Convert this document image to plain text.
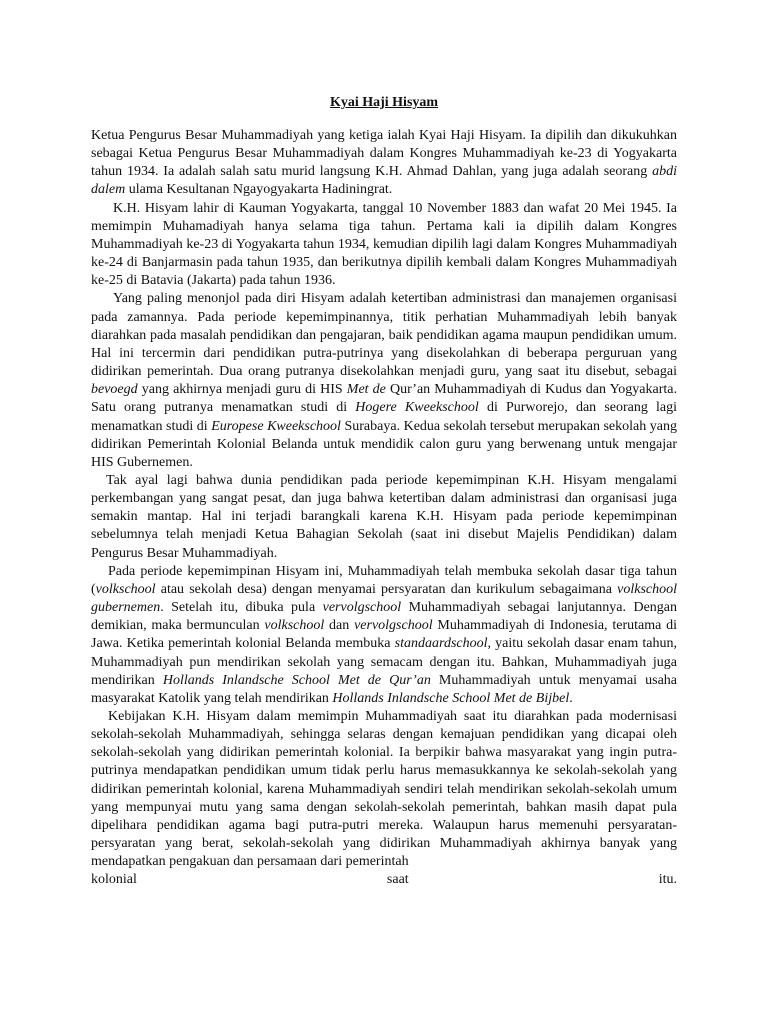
Kyai Haji Hisyam

Ketua Pengurus Besar Muhammadiyah yang ketiga ialah Kyai Haji Hisyam. Ia dipilih dan dikukuhkan sebagai Ketua Pengurus Besar Muhammadiyah dalam Kongres Muhammadiyah ke-23 di Yogyakarta tahun 1934. Ia adalah salah satu murid langsung K.H. Ahmad Dahlan, yang juga adalah seorang abdi dalem ulama Kesultanan Ngayogyakarta Hadiningrat.

K.H. Hisyam lahir di Kauman Yogyakarta, tanggal 10 November 1883 dan wafat 20 Mei 1945. Ia memimpin Muhamadiyah hanya selama tiga tahun. Pertama kali ia dipilih dalam Kongres Muhammadiyah ke-23 di Yogyakarta tahun 1934, kemudian dipilih lagi dalam Kongres Muhammadiyah ke-24 di Banjarmasin pada tahun 1935, dan berikutnya dipilih kembali dalam Kongres Muhammadiyah ke-25 di Batavia (Jakarta) pada tahun 1936.

Yang paling menonjol pada diri Hisyam adalah ketertiban administrasi dan manajemen organisasi pada zamannya. Pada periode kepemimpinannya, titik perhatian Muhammadiyah lebih banyak diarahkan pada masalah pendidikan dan pengajaran, baik pendidikan agama maupun pendidikan umum. Hal ini tercermin dari pendidikan putra-putrinya yang disekolahkan di beberapa perguruan yang didirikan pemerintah. Dua orang putranya disekolahkan menjadi guru, yang saat itu disebut, sebagai bevoegd yang akhirnya menjadi guru di HIS Met de Qur’an Muhammadiyah di Kudus dan Yogyakarta. Satu orang putranya menamatkan studi di Hogere Kweekschool di Purworejo, dan seorang lagi menamatkan studi di Europese Kweekschool Surabaya. Kedua sekolah tersebut merupakan sekolah yang didirikan Pemerintah Kolonial Belanda untuk mendidik calon guru yang berwenang untuk mengajar HIS Gubernemen.

Tak ayal lagi bahwa dunia pendidikan pada periode kepemimpinan K.H. Hisyam mengalami perkembangan yang sangat pesat, dan juga bahwa ketertiban dalam administrasi dan organisasi juga semakin mantap. Hal ini terjadi barangkali karena K.H. Hisyam pada periode kepemimpinan sebelumnya telah menjadi Ketua Bahagian Sekolah (saat ini disebut Majelis Pendidikan) dalam Pengurus Besar Muhammadiyah.

Pada periode kepemimpinan Hisyam ini, Muhammadiyah telah membuka sekolah dasar tiga tahun (volkschool atau sekolah desa) dengan menyamai persyaratan dan kurikulum sebagaimana volkschool gubernemen. Setelah itu, dibuka pula vervolgschool Muhammadiyah sebagai lanjutannya. Dengan demikian, maka bermunculan volkschool dan vervolgschool Muhammadiyah di Indonesia, terutama di Jawa. Ketika pemerintah kolonial Belanda membuka standaardschool, yaitu sekolah dasar enam tahun, Muhammadiyah pun mendirikan sekolah yang semacam dengan itu. Bahkan, Muhammadiyah juga mendirikan Hollands Inlandsche School Met de Qur’an Muhammadiyah untuk menyamai usaha masyarakat Katolik yang telah mendirikan Hollands Inlandsche School Met de Bijbel.

Kebijakan K.H. Hisyam dalam memimpin Muhammadiyah saat itu diarahkan pada modernisasi sekolah-sekolah Muhammadiyah, sehingga selaras dengan kemajuan pendidikan yang dicapai oleh sekolah-sekolah yang didirikan pemerintah kolonial. Ia berpikir bahwa masyarakat yang ingin putra-putrinya mendapatkan pendidikan umum tidak perlu harus memasukkannya ke sekolah-sekolah yang didirikan pemerintah kolonial, karena Muhammadiyah sendiri telah mendirikan sekolah-sekolah umum yang mempunyai mutu yang sama dengan sekolah-sekolah pemerintah, bahkan masih dapat pula dipelihara pendidikan agama bagi putra-putri mereka. Walaupun harus memenuhi persyaratan-persyaratan yang berat, sekolah-sekolah yang didirikan Muhammadiyah akhirnya banyak yang mendapatkan pengakuan dan persamaan dari pemerintah

kolonial	saat	itu.
